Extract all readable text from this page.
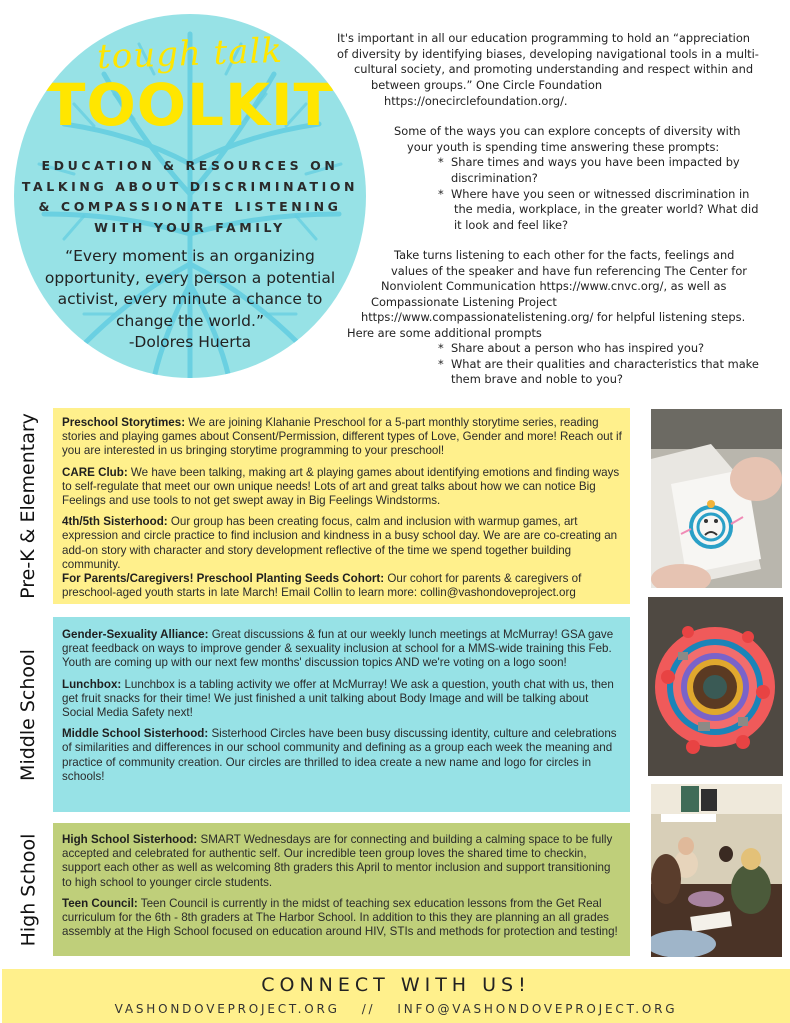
tough talk
TOOLKIT
EDUCATION & RESOURCES ON
TALKING ABOUT DISCRIMINATION
& COMPASSIONATE LISTENING
WITH YOUR FAMILY
“Every moment is an organizing
opportunity, every person a potential
activist, every minute a chance to
change the world.”
-Dolores Huerta
It's important in all our education programming to hold an “appreciation
of diversity by identifying biases, developing navigational tools in a multi-
cultural society, and promoting understanding and respect within and
between groups.” One Circle Foundation
https://onecirclefoundation.org/.
Some of the ways you can explore concepts of diversity with
your youth is spending time answering these prompts:
* Share times and ways you have been impacted by
discrimination?
* Where have you seen or witnessed discrimination in
the media, workplace, in the greater world? What did
it look and feel like?
Take turns listening to each other for the facts, feelings and
values of the speaker and have fun referencing The Center for
Nonviolent Communication https://www.cnvc.org/, as well as
Compassionate Listening Project
https://www.compassionatelistening.org/ for helpful listening steps.
Here are some additional prompts
* Share about a person who has inspired you?
* What are their qualities and characteristics that make
them brave and noble to you?
Pre-K & Elementary
Middle School
High School

Preschool Storytimes: We are joining Klahanie Preschool for a 5-part monthly storytime series, reading stories and playing games about Consent/Permission, different types of Love, Gender and more! Reach out if you are interested in us bringing storytime programming to your preschool!

CARE Club: We have been talking, making art & playing games about identifying emotions and finding ways to self-regulate that meet our own unique needs! Lots of art and great talks about how we can notice Big Feelings and use tools to not get swept away in Big Feelings Windstorms.

4th/5th Sisterhood: Our group has been creating focus, calm and inclusion with warmup games, art expression and circle practice to find inclusion and kindness in a busy school day. We are are co-creating an add-on story with character and story development reflective of the time we spend together building community.

For Parents/Caregivers! Preschool Planting Seeds Cohort: Our cohort for parents & caregivers of preschool-aged youth starts in late March! Email Collin to learn more: collin@vashondoveproject.org

Gender-Sexuality Alliance: Great discussions & fun at our weekly lunch meetings at McMurray! GSA gave great feedback on ways to improve gender & sexuality inclusion at school for a MMS-wide training this Feb. Youth are coming up with our next few months' discussion topics AND we're voting on a logo soon!

Lunchbox: Lunchbox is a tabling activity we offer at McMurray! We ask a question, youth chat with us, then get fruit snacks for their time! We just finished a unit talking about Body Image and will be talking about Social Media Safety next!

Middle School Sisterhood: Sisterhood Circles have been busy discussing identity, culture and celebrations of similarities and differences in our school community and defining as a group each week the meaning and practice of community creation. Our circles are thrilled to idea create a new name and logo for circles in schools!

High School Sisterhood: SMART Wednesdays are for connecting and building a calming space to be fully accepted and celebrated for authentic self. Our incredible teen group loves the shared time to checkin, support each other as well as welcoming 8th graders this April to mentor inclusion and support transitioning to high school to younger circle students.

Teen Council: Teen Council is currently in the midst of teaching sex education lessons from the Get Real curriculum for the 6th - 8th graders at The Harbor School. In addition to this they are planning an all grades assembly at the High School focused on education around HIV, STIs and methods for protection and testing!

CONNECT WITH US!
VASHONDOVEPROJECT.ORG // INFO@VASHONDOVEPROJECT.ORG
